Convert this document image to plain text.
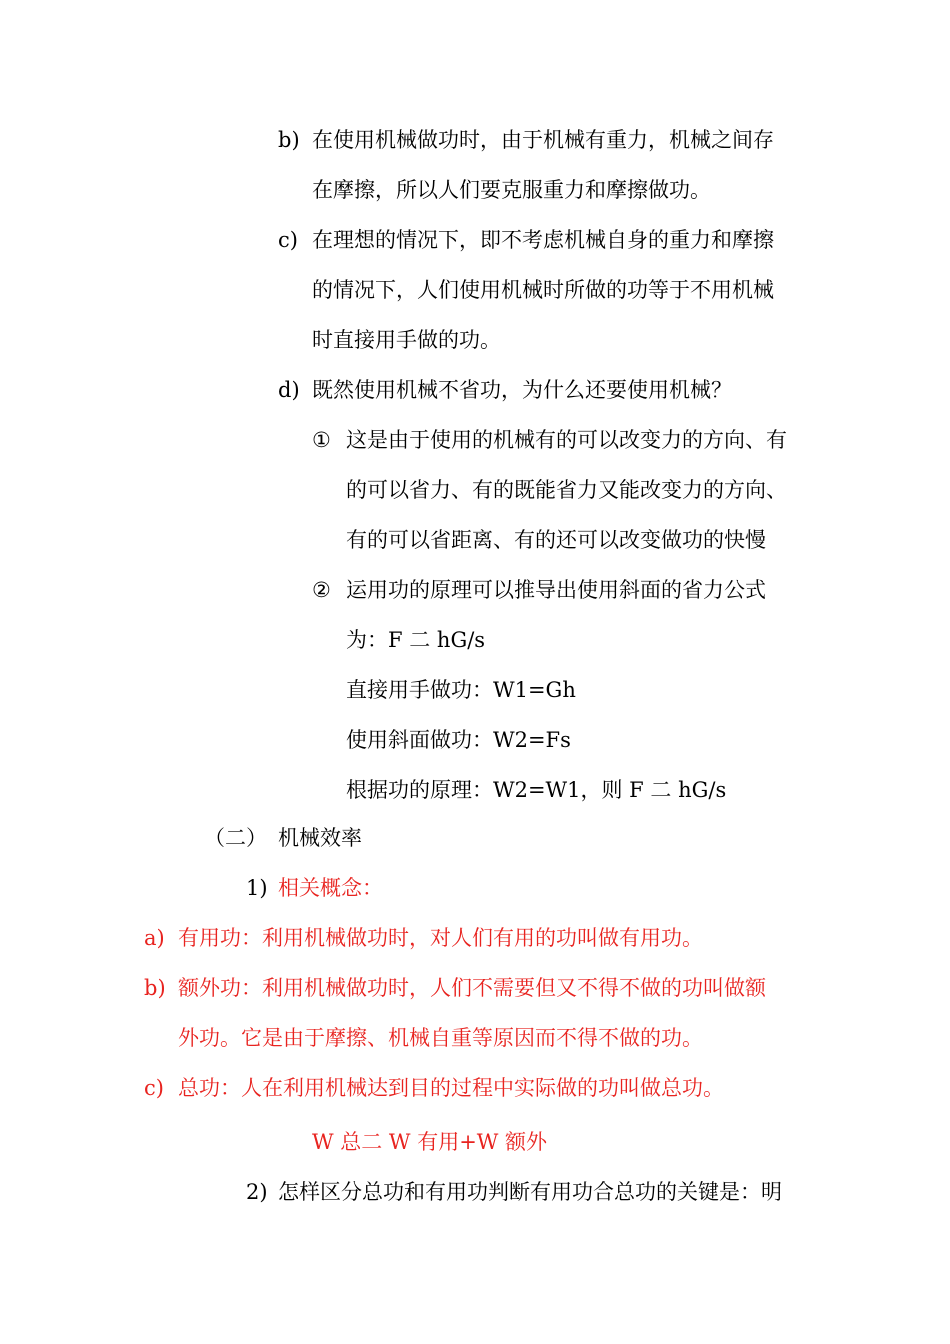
b) 在使用机械做功时，由于机械有重力，机械之间存
在摩擦，所以人们要克服重力和摩擦做功。
c) 在理想的情况下，即不考虑机械自身的重力和摩擦
的情况下，人们使用机械时所做的功等于不用机械
时直接用手做的功。
d) 既然使用机械不省功，为什么还要使用机械？
① 这是由于使用的机械有的可以改变力的方向、有
的可以省力、有的既能省力又能改变力的方向、
有的可以省距离、有的还可以改变做功的快慢
② 运用功的原理可以推导出使用斜面的省力公式
为：F 二 hG/s
直接用手做功：W1=Gh
使用斜面做功：W2=Fs
根据功的原理：W2=W1，则 F 二 hG/s
（二） 机械效率
1) 相关概念：
a) 有用功：利用机械做功时，对人们有用的功叫做有用功。
b) 额外功：利用机械做功时，人们不需要但又不得不做的功叫做额
外功。它是由于摩擦、机械自重等原因而不得不做的功。
c) 总功：人在利用机械达到目的过程中实际做的功叫做总功。
W 总二 W 有用+W 额外
2) 怎样区分总功和有用功判断有用功合总功的关键是：明
